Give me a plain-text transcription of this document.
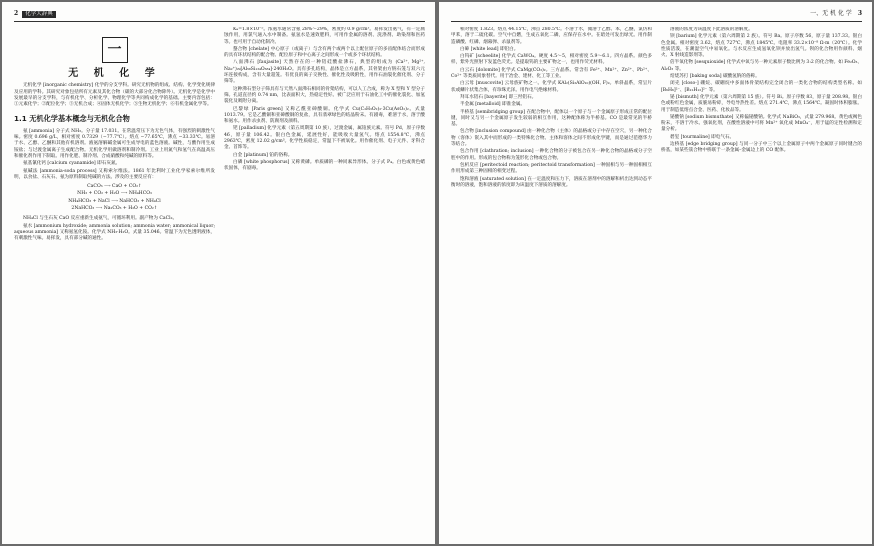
2	化学大辞典
一
无 机 化 学

无机化学 [inorganic chemistry] 化学的分支学科。研究无机物的组成、结构、化学变化规律及应用的学科。其研究对象包括所有元素及其化合物（碳的大部分化合物除外）。无机化学是化学中发展最早的分支学科，与有机化学、分析化学、物理化学等共同构成化学的基础。主要内容包括：①元素化学；②配位化学；③无机合成；④固体无机化学；⑤生物无机化学；⑥有机金属化学等。

1.1 无机化学基本概念与无机化合物

氨 [ammonia] 分子式 NH₃。分子量 17.031。在常温常压下为无色气体，有强烈的刺激性气味。密度 0.696 g/L，相对密度 0.7329（−77.7℃）。熔点 −77.65℃，沸点 −33.33℃。易溶于水、乙醇、乙醚和其他有机溶剂。液氨溶解碱金属可生成导电的蓝色溶液。碱性，与酸作用生成铵盐；与过渡金属离子生成配合物。无机化学用做溶剂和制冷剂。工业上用氮气和氢气在高温高压和催化剂作用下制取。用作化肥、制冷剂、合成硝酸和纯碱的原料等。

氨基氰化钙 [calcium cyanamide] 即石灰氮。

氨碱法 [ammonia-soda process] 又称索尔维法。1861 年比利时工业化学家索尔维所发明，以食盐、石灰石、氨为原料制取纯碱的方法。涉及的主要反应有：

CaCO₃ ⟶ CaO + CO₂↑
NH₃ + CO₂ + H₂O ⟶ NH₄HCO₃
NH₄HCO₃ + NaCl ⟶ NaHCO₃ + NH₄Cl
2NaHCO₃ ⟶ Na₂CO₃ + H₂O + CO₂↑

NH₄Cl 与生石灰 CaO 反应重新生成氨气，可循环利用。副产物为 CaCl₂。

氨水 [ammonium hydroxide; ammonia solution; ammonia water; ammonical liquor; aqueous ammonia] 又称氨氢化铵。化学式 NH₃·H₂O。式量 35.046。常温下为无色透明液体，有刺激性气味。易挥发，具有部分碱的通性。

Kₐ=1.8×10⁻⁵。浓氨水通常含氨 28%～29%，密度约 0.9 g/cm³。易挥发出氨气，有一定腐蚀作用，用氯气通入水中制备。氨氢水是速效肥料，可用作金属的溶剂、洗涤剂、助染剂和医药等。也可用于自动化制冷。

螯合物 [chelate] 中心原子（或离子）与含有两个或两个以上配位原子的多齿配体结合而形成的具有环状结构的配合物。配位原子和中心离子之间形成一个或多个环状结构。

八面沸石 [faujasite] 天然存在的一种铝硅酸盐沸石，典型的组成为 (Ca²⁺, Mg²⁺, Na₂⁺)₂₉[Al₅₈Si₁₃₄O₃₈₄]·240H₂O。具有多孔结构，晶体是立方晶系，其骨架由方钠石笼与双六元环连接构成，含有大量超笼。有优良的离子交换性、催化性及吸附性，用作石油裂化催化剂、分子筛等。

这种沸石型分子筛具有与天然八面沸石相同的骨架结构，可以人工合成，称为 X 型和 Y 型分子筛。孔道直径约 0.74 nm，比表面积大，热稳定性好。被广泛应用于石油化工中的催化裂化、加氢裂化及吸附分离。

巴黎绿 [Paris green] 又称乙酰亚砷酸铜。化学式 Cu(C₂H₃O₂)₂·3Cu(AsO₂)₂。式量 1013.79。它是乙酸铜和亚砷酸铜的复盐，具有翡翠绿色的结晶粉末。有剧毒，难溶于水，溶于酸和氨水。用作杀虫剂、防腐剂及颜料。

钯 [palladium] 化学元素（第五周期第 10 族），过渡金属，属铂族元素。符号 Pd，原子序数 46，原子量 106.42。银白色金属，延展性好，能吸收大量氢气。熔点 1554.8℃，沸点 2963℃，密度 12.02 g/cm³。化学性质稳定，常温下不被氧化。用作催化剂、电子元件、牙科合金、首饰等。

白金 [platinum] 铂的俗称。

白磷 [white phosphorus] 又称黄磷。单质磷的一种同素异形体。分子式 P₄。白色或黄色蜡状固体，有剧毒。

一、无 机 化 学 3

相对密度 1.823。熔点 44.15℃，沸点 280.5℃。不溶于水，微溶于乙醇、苯，乙醚，氯仿和甲苯，溶于二硫化碳。空气中自燃，生成五氧化二磷，应保存在水中。在暗处可发出绿光。用作制造磷酸、红磷、烟幕弹、杀鼠剂等。

白砷 [white lead] 即铅白。

白钨矿 [scheelite] 化学式 CaWO₄。硬度 4.5～5，相对密度 5.9～6.1。四方晶系。颜色多样，紫外光照射下发蓝色荧光。是提取钨的主要矿物之一，也用作荧光材料。

白云石 [dolomite] 化学式 CaMg(CO₃)₂。三方晶系。常含有 Fe²⁺、Mn²⁺、Zn²⁺、Pb²⁺、Co²⁺ 等类质同象替代。用于冶金、建材、化工等工业。

白云母 [muscovite] 云母族矿物之一。化学式 KAl₂(Si₃AlO₁₀)(OH, F)₂。单斜晶系，常呈片状或鳞片状集合体，有珍珠光泽。用作电气绝缘材料。

拜耳水铝石 [bayerite] 即三羟铝石。

半金属 [metalloid] 即准金属。

半桥基 [semibridging group] 在配合物中，配体以一个原子与一个金属原子形成正常的配位键，同时又与另一个金属原子发生较弱的相互作用，这种配体称为半桥基。CO 是最常见的半桥基。

包合物 [inclusion compound] 由一种化合物（主体）的晶格或分子中存在空穴，另一种化合物（客体）嵌入其中而形成的一类特殊化合物。主体和客体之间不形成化学键，而是通过范德华力等结合。

包合作用 [clathration; inclusion] 一种化合物的分子被包合在另一种化合物的晶格或分子空腔中的作用。形成的包合物称为笼形化合物或包合物。

包析反应 [peritectoid reaction; peritectoid transformation] 一种固相与另一种固相相互作用形成第三种固相的相变过程。

饱和溶液 [saturated solution] 在一定温度和压力下，溶质在溶剂中的溶解和析出达到动态平衡时的溶液，饱和溶液的浓度即为该温度下溶质的溶解度。

溶液的浓度为该温度下此溶质的溶解度。

钡 [barium] 化学元素（第六周期第 2 族）。符号 Ba。原子序数 56，原子量 137.33。银白色金属。相对密度 3.62，熔点 727℃，沸点 1845℃。电阻率 33.2×10⁻⁸ Ω·m（20℃）。化学性质活泼，在潮湿空气中易氧化。与水反应生成氢氧化钡并放出氢气。钡的化合物用作颜料、烟火、X 射线造影剂等。

倍半氧化物 [sesquioxide] 化学式中氧与另一种元素原子数比例为 3:2 的化合物。如 Fe₂O₃、Al₂O₃ 等。

焙烧苏打 [baking soda] 碳酸氢钠的俗称。

闭壳 [closo-] 硼烷、碳硼烷中多面体骨架结构完全闭合的一类化合物的结构类型名称。如 [B₆H₆]²⁻、[B₁₂H₁₂]²⁻ 等。

铋 [bismuth] 化学元素（第六周期第 15 族）。符号 Bi。原子序数 83，原子量 208.98。银白色或粉红色金属，质脆易粉碎，导电导热性差。熔点 271.4℃，沸点 1564℃。凝固时体积膨胀。用于制造低熔点合金、医药、化妆品等。

铋酸钠 [sodium bismuthate] 又称偏铋酸钠。化学式 NaBiO₃，式量 279.968。黄色或褐色粉末，不溶于冷水。强氧化剂，在酸性溶液中可将 Mn²⁺ 氧化成 MnO₄⁻，用于锰的定性检测和定量分析。

碧玺 [tourmaline] 即电气石。

边桥基 [edge bridging group] 与同一分子中三个以上金属原子中两个金属原子同时键合的桥基，如某些簇合物中桥联于一条金属–金属边上的 CO 配体。
